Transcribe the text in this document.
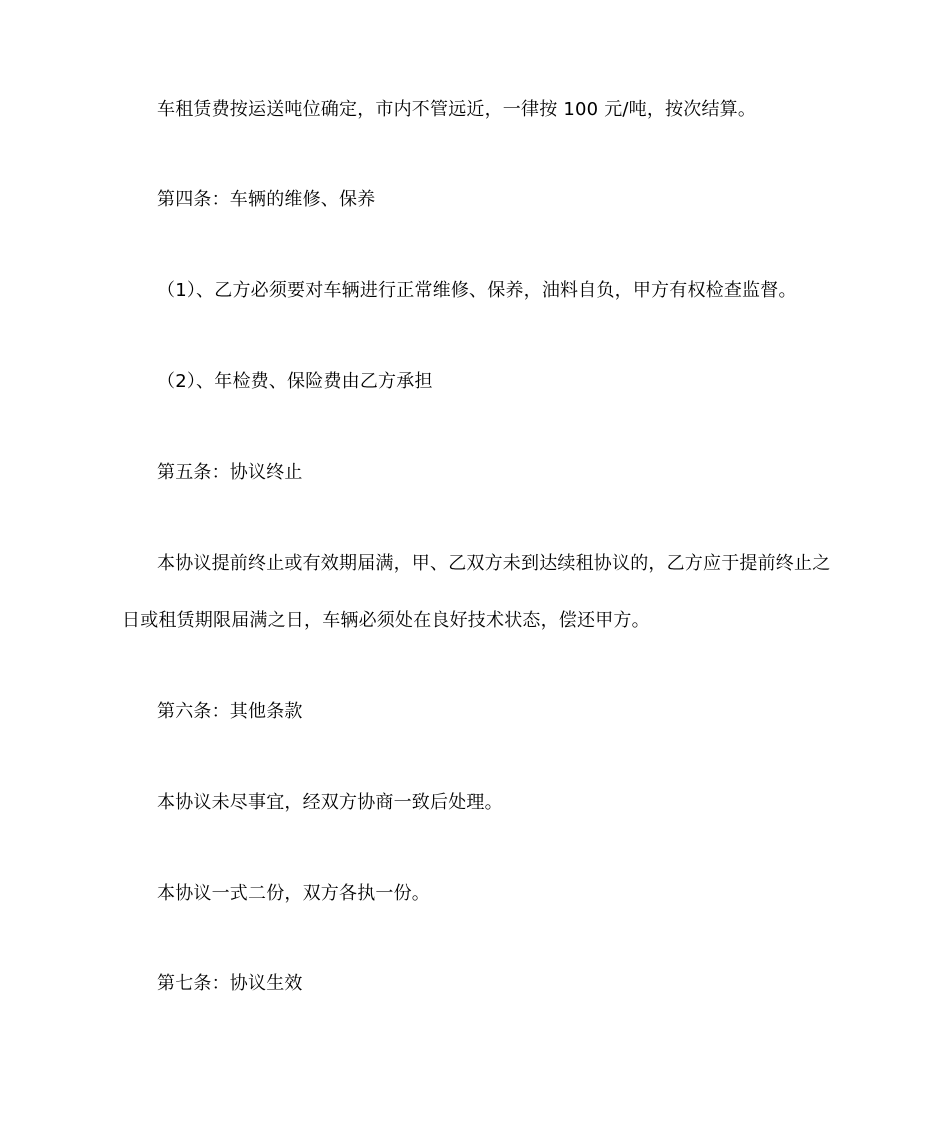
车租赁费按运送吨位确定，市内不管远近，一律按 100 元/吨，按次结算。
第四条：车辆的维修、保养
（1）、乙方必须要对车辆进行正常维修、保养，油料自负，甲方有权检查监督。
（2）、年检费、保险费由乙方承担
第五条：协议终止
本协议提前终止或有效期届满，甲、乙双方未到达续租协议的，乙方应于提前终止之
日或租赁期限届满之日，车辆必须处在良好技术状态，偿还甲方。
第六条：其他条款
本协议未尽事宜，经双方协商一致后处理。
本协议一式二份，双方各执一份。
第七条：协议生效
